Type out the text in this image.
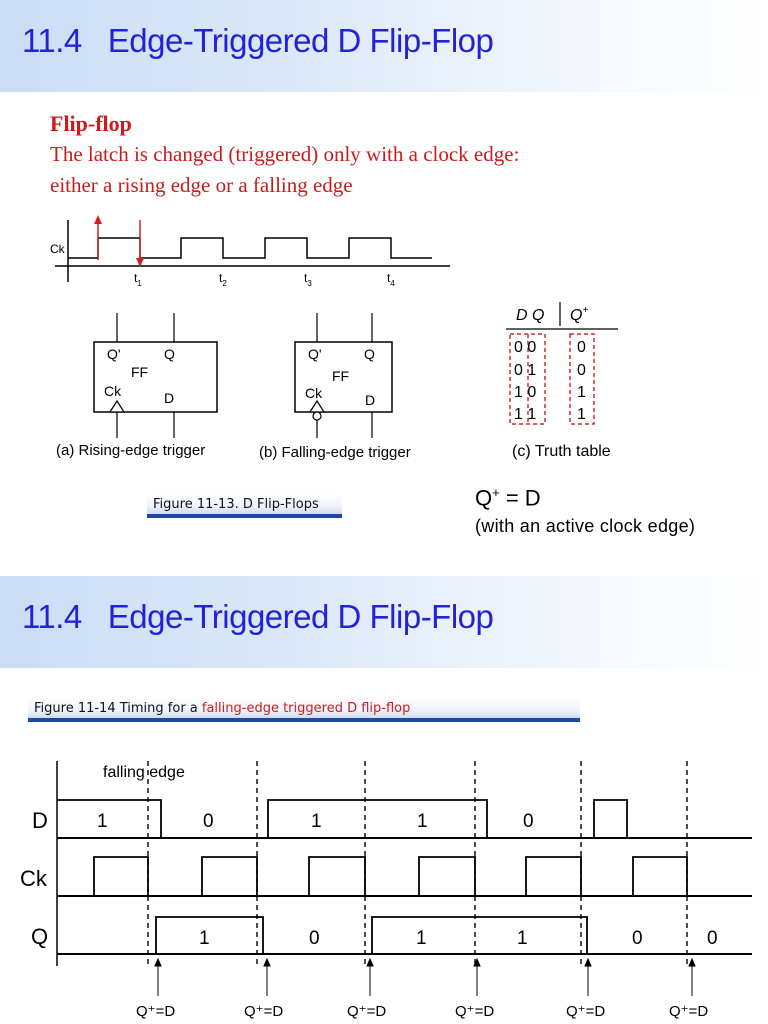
11.4 Edge-Triggered D Flip-Flop
Flip-flop
The latch is changed (triggered) only with a clock edge:
either a rising edge or a falling edge
Ck
$t_1$	$t_2$	$t_3$	$t_4$
Q'	Q
FF
Ck	D
(a) Rising-edge trigger
Q'	Q
FF
Ck	D
(b) Falling-edge trigger
D Q Q+
0 0	0
0 1	0
1 0	1
1 1	1
(c) Truth table
Figure 11-13. D Flip-Flops	Q+ = D
(with an active clock edge)
11.4 Edge-Triggered D Flip-Flop
Figure 11-14 Timing for a falling-edge triggered D flip-flop
falling edge
D
Ck
Q
1	0	1	1	0
1	0	1	1	0	0
Q⁺=D	Q⁺=D	Q⁺=D	Q⁺=D	Q⁺=D	Q⁺=D
